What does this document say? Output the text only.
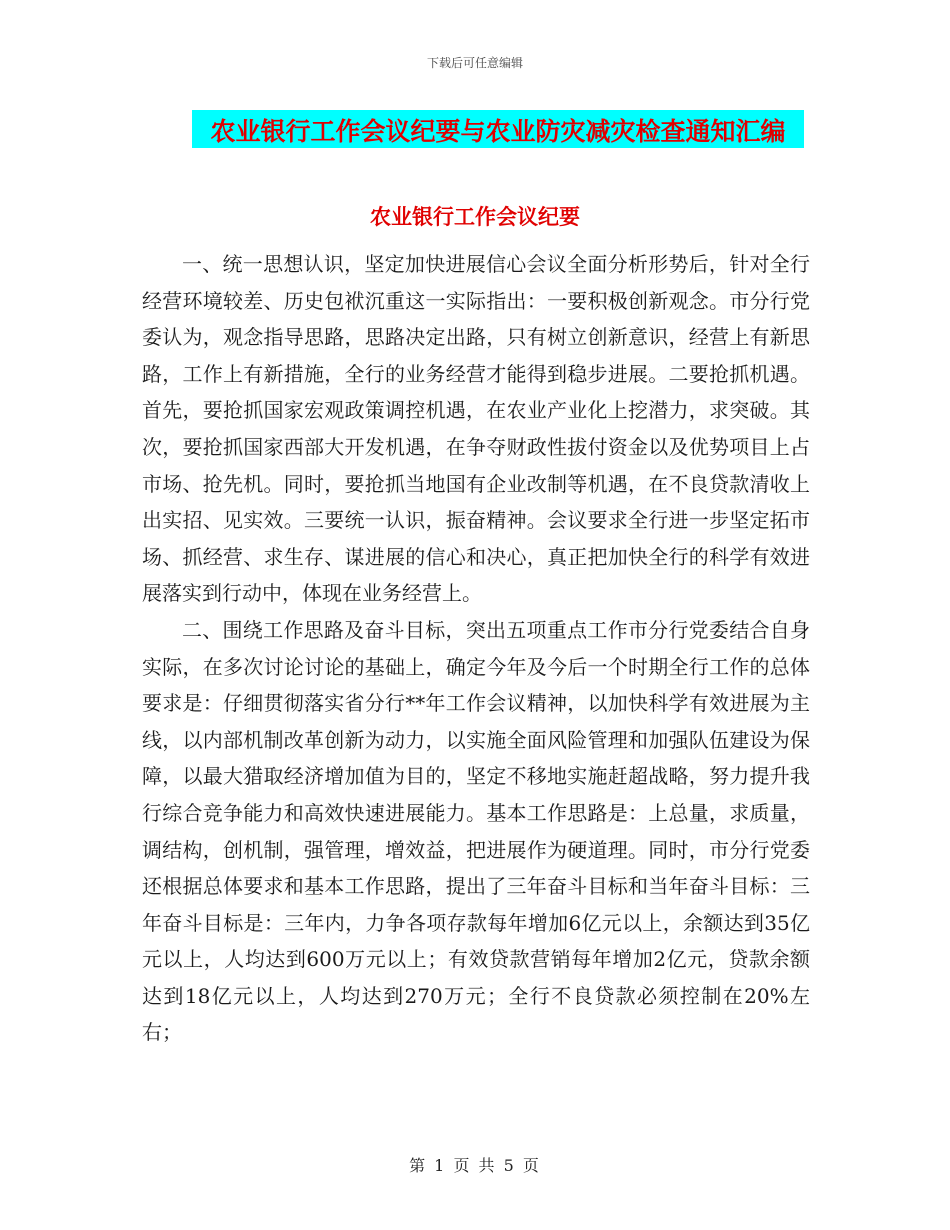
下载后可任意编辑
农业银行工作会议纪要与农业防灾减灾检查通知汇编
农业银行工作会议纪要

一、统一思想认识，坚定加快进展信心会议全面分析形势后，针对全行经营环境较差、历史包袱沉重这一实际指出：一要积极创新观念。市分行党委认为，观念指导思路，思路决定出路，只有树立创新意识，经营上有新思路，工作上有新措施，全行的业务经营才能得到稳步进展。二要抢抓机遇。首先，要抢抓国家宏观政策调控机遇，在农业产业化上挖潜力，求突破。其次，要抢抓国家西部大开发机遇，在争夺财政性拔付资金以及优势项目上占市场、抢先机。同时，要抢抓当地国有企业改制等机遇，在不良贷款清收上出实招、见实效。三要统一认识，振奋精神。会议要求全行进一步坚定拓市场、抓经营、求生存、谋进展的信心和决心，真正把加快全行的科学有效进展落实到行动中，体现在业务经营上。

二、围绕工作思路及奋斗目标，突出五项重点工作市分行党委结合自身实际，在多次讨论讨论的基础上，确定今年及今后一个时期全行工作的总体要求是：仔细贯彻落实省分行**年工作会议精神，以加快科学有效进展为主线，以内部机制改革创新为动力，以实施全面风险管理和加强队伍建设为保障，以最大猎取经济增加值为目的，坚定不移地实施赶超战略，努力提升我行综合竞争能力和高效快速进展能力。基本工作思路是：上总量，求质量，调结构，创机制，强管理，增效益，把进展作为硬道理。同时，市分行党委还根据总体要求和基本工作思路，提出了三年奋斗目标和当年奋斗目标：三年奋斗目标是：三年内，力争各项存款每年增加6亿元以上，余额达到35亿元以上，人均达到600万元以上；有效贷款营销每年增加2亿元，贷款余额达到18亿元以上，人均达到270万元；全行不良贷款必须控制在20%左右；

第 1 页 共 5 页
